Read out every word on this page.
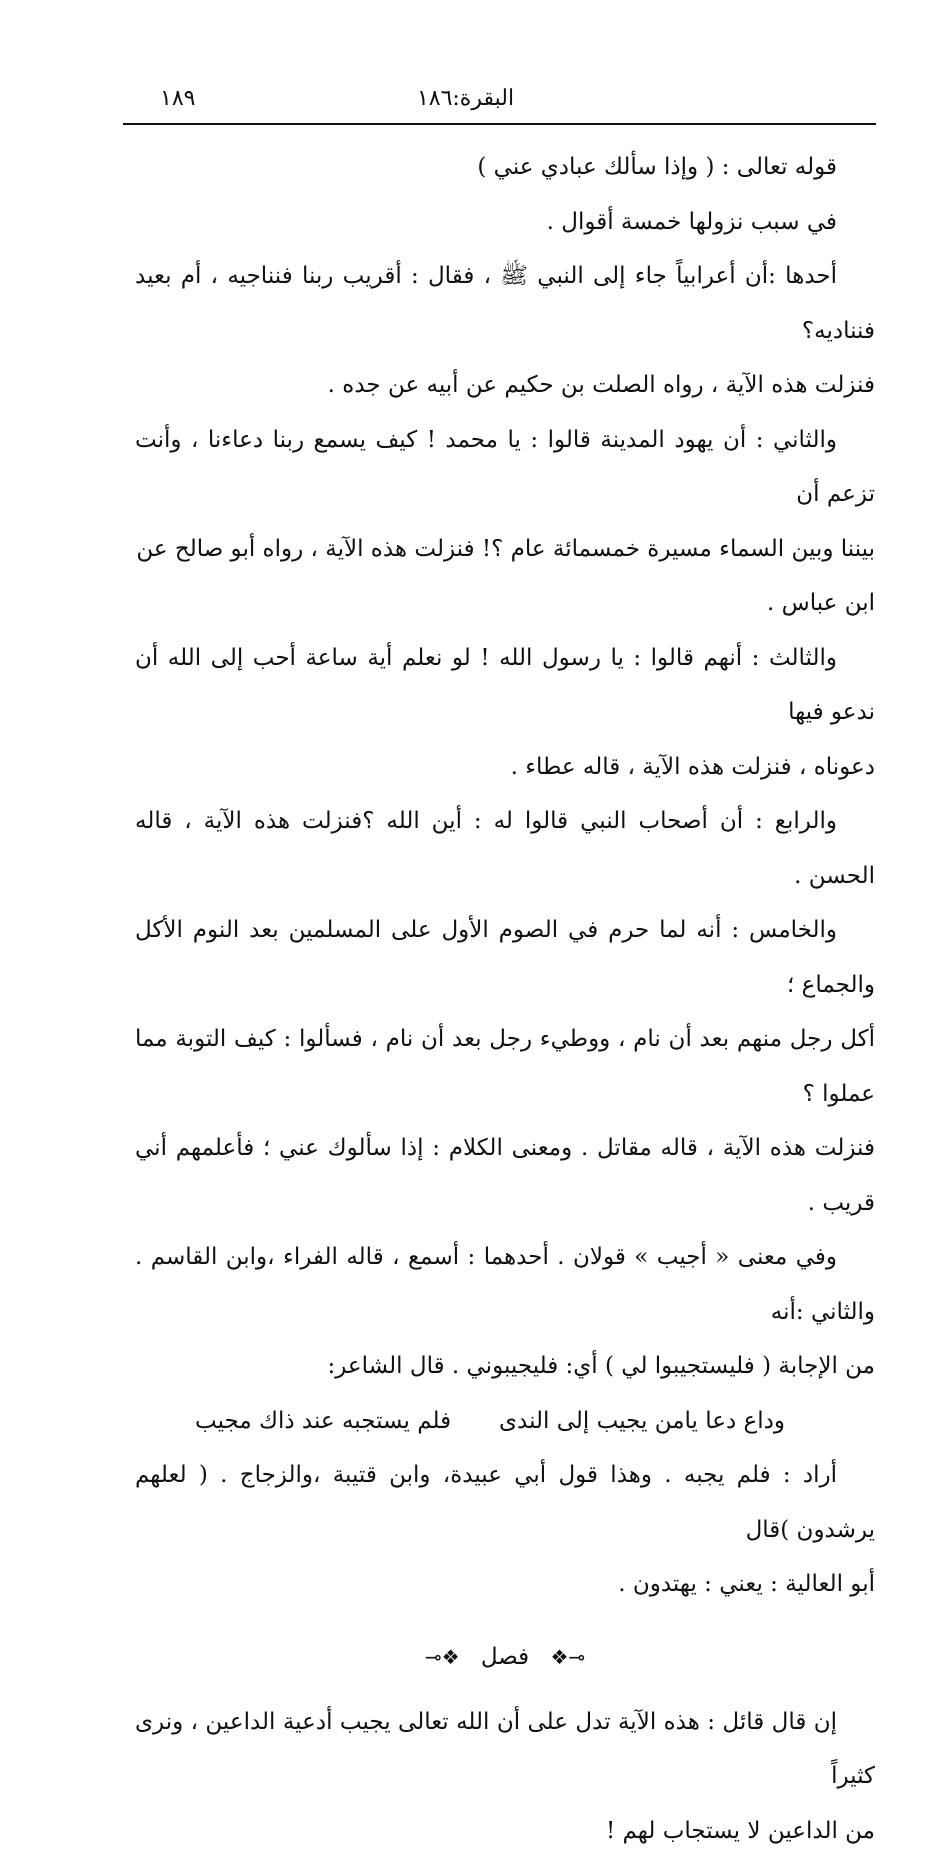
البقرة:١٨٦
١٨٩

قوله تعالى : ( وإذا سألك عبادي عني )

في سبب نزولها خمسة أقوال .

أحدها :أن أعرابياً جاء إلى النبي ﷺ ، فقال : أقريب ربنا فنناجيه ، أم بعيد فنناديه؟

فنزلت هذه الآية ، رواه الصلت بن حكيم عن أبيه عن جده .

والثاني : أن يهود المدينة قالوا : يا محمد ! كيف يسمع ربنا دعاءنا ، وأنت تزعم أن

بيننا وبين السماء مسيرة خمسمائة عام ؟! فنزلت هذه الآية ، رواه أبو صالح عن

ابن عباس .

والثالث : أنهم قالوا : يا رسول الله ! لو نعلم أية ساعة أحب إلى الله أن ندعو فيها

دعوناه ، فنزلت هذه الآية ، قاله عطاء .

والرابع : أن أصحاب النبي قالوا له : أين الله ؟فنزلت هذه الآية ، قاله الحسن .

والخامس : أنه لما حرم في الصوم الأول على المسلمين بعد النوم الأكل والجماع ؛

أكل رجل منهم بعد أن نام ، ووطيء رجل بعد أن نام ، فسألوا : كيف التوبة مما عملوا ؟

فنزلت هذه الآية ، قاله مقاتل . ومعنى الكلام : إذا سألوك عني ؛ فأعلمهم أني قريب .

وفي معنى « أجيب » قولان . أحدهما : أسمع ، قاله الفراء ،وابن القاسم . والثاني :أنه

من الإجابة ( فليستجيبوا لي ) أي: فليجيبوني . قال الشاعر:

وداع دعا يامن يجيب إلى الندى
فلم يستجبه عند ذاك مجيب

أراد : فلم يجبه . وهذا قول أبي عبيدة، وابن قتيبة ،والزجاج . ( لعلهم يرشدون )قال

أبو العالية : يعني : يهتدون .

⊸❖ فصل ❖⟜

إن قال قائل : هذه الآية تدل على أن الله تعالى يجيب أدعية الداعين ، ونرى كثيراً

من الداعين لا يستجاب لهم !
